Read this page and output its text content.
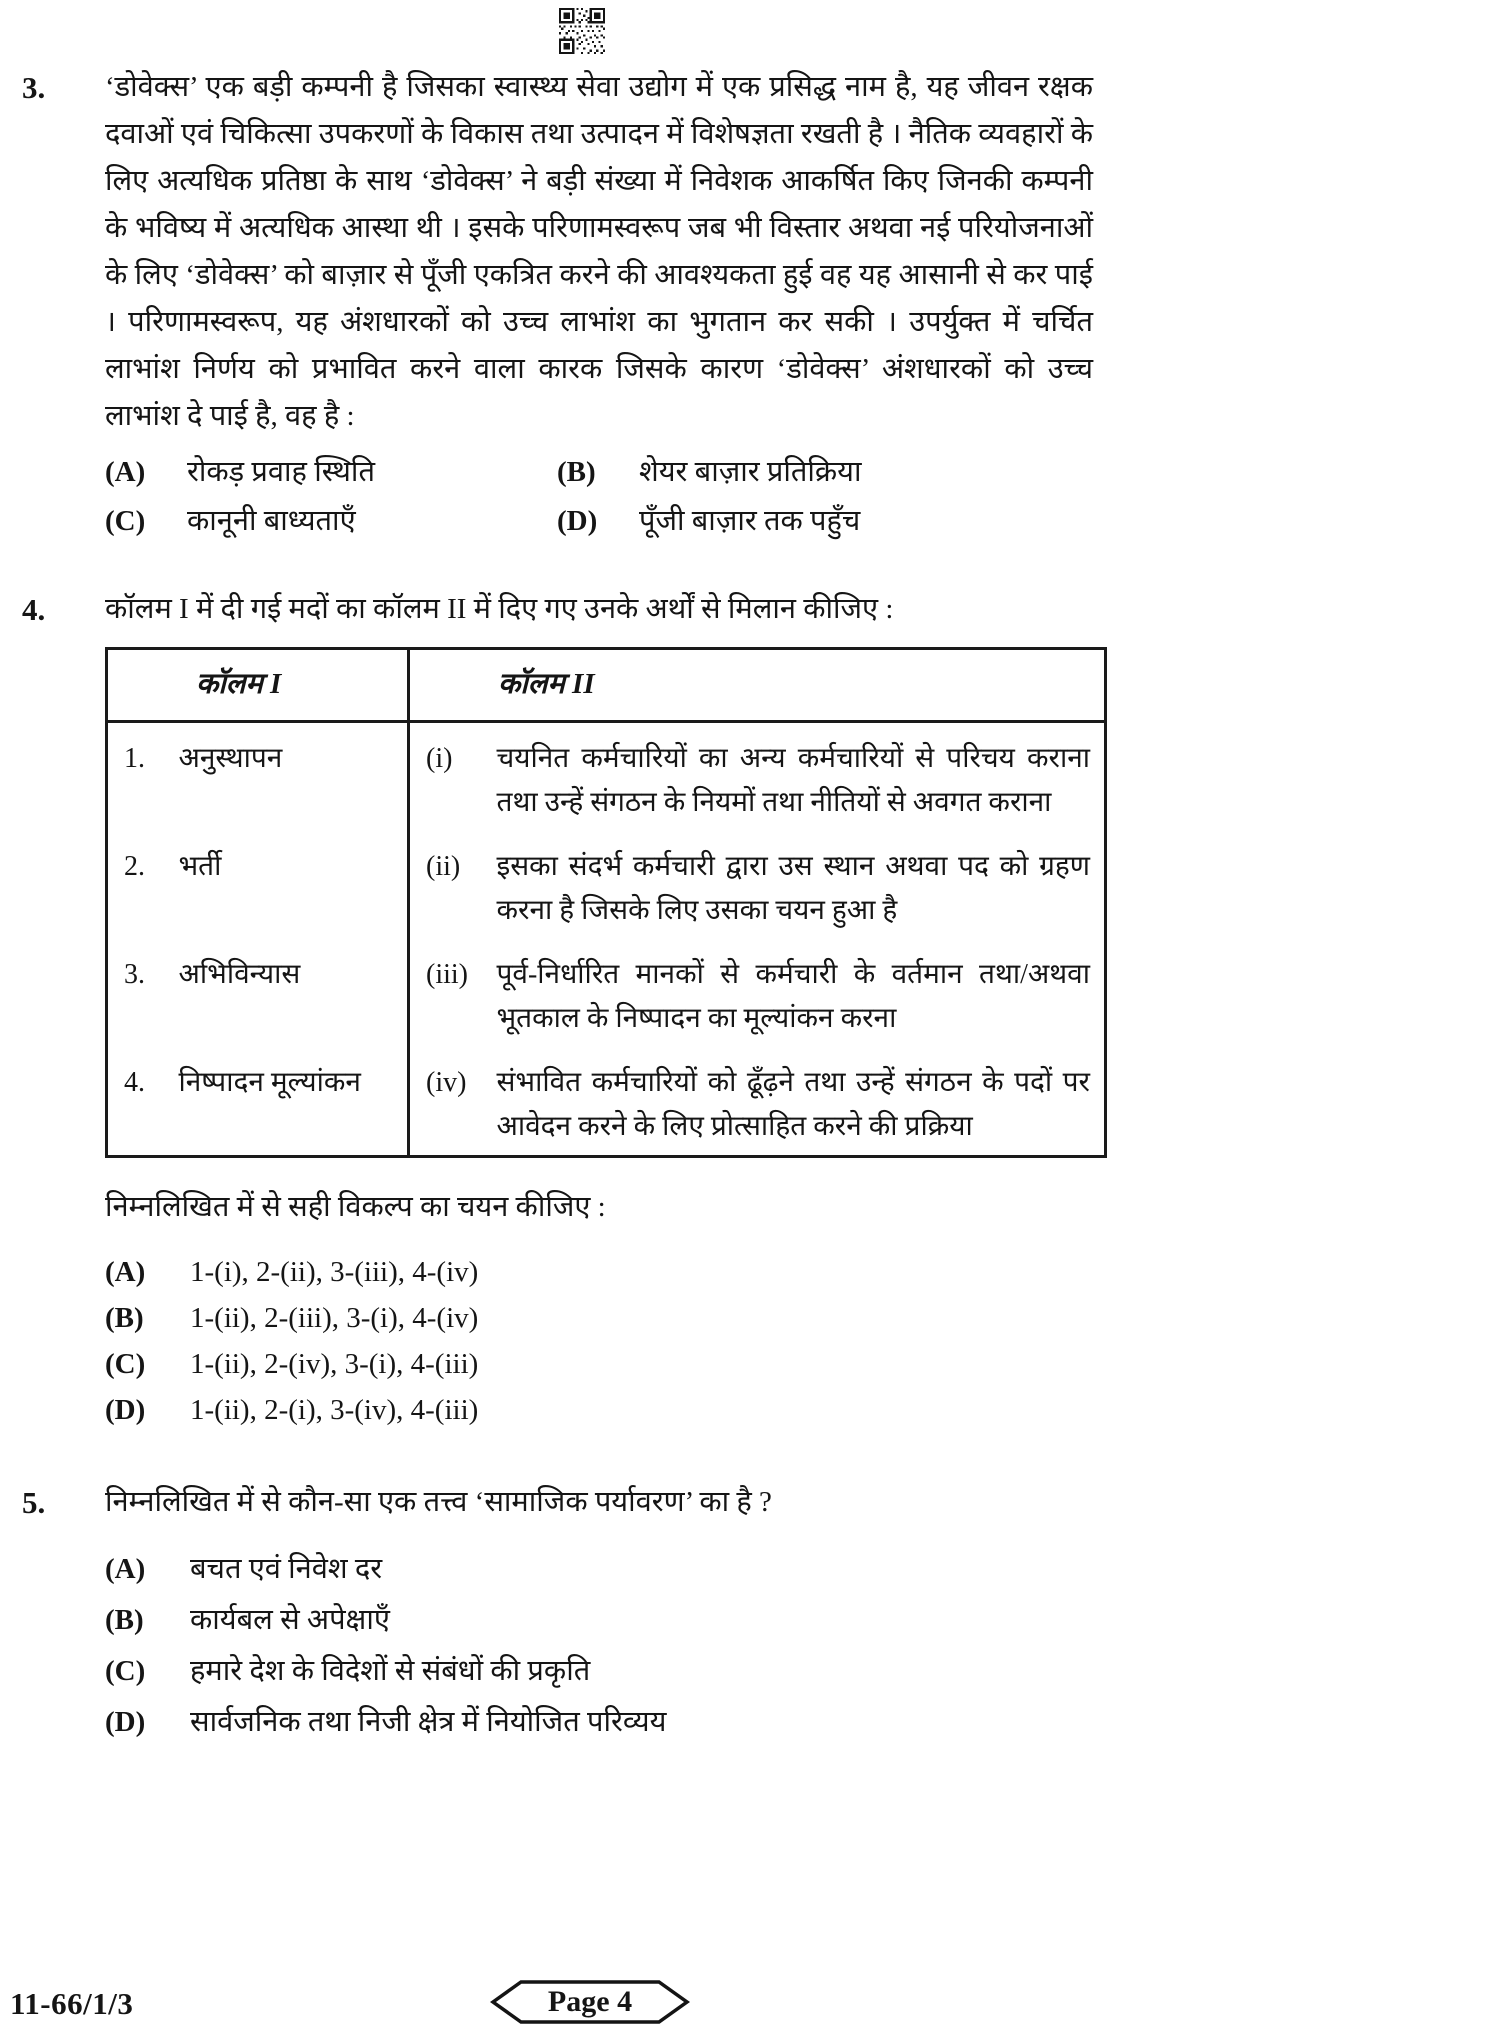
3. ‘डोवेक्स’ एक बड़ी कम्पनी है जिसका स्वास्थ्य सेवा उद्योग में एक प्रसिद्ध नाम है, यह जीवन रक्षक दवाओं एवं चिकित्सा उपकरणों के विकास तथा उत्पादन में विशेषज्ञता रखती है । नैतिक व्यवहारों के लिए अत्यधिक प्रतिष्ठा के साथ ‘डोवेक्स’ ने बड़ी संख्या में निवेशक आकर्षित किए जिनकी कम्पनी के भविष्य में अत्यधिक आस्था थी । इसके परिणामस्वरूप जब भी विस्तार अथवा नई परियोजनाओं के लिए ‘डोवेक्स’ को बाज़ार से पूँजी एकत्रित करने की आवश्यकता हुई वह यह आसानी से कर पाई । परिणामस्वरूप, यह अंशधारकों को उच्च लाभांश का भुगतान कर सकी । उपर्युक्त में चर्चित लाभांश निर्णय को प्रभावित करने वाला कारक जिसके कारण ‘डोवेक्स’ अंशधारकों को उच्च लाभांश दे पाई है, वह है :

(A)	रोकड़ प्रवाह स्थिति	(B)	शेयर बाज़ार प्रतिक्रिया
(C)	कानूनी बाध्यताएँ	(D)	पूँजी बाज़ार तक पहुँच
4. कॉलम I में दी गई मदों का कॉलम II में दिए गए उनके अर्थों से मिलान कीजिए :

कॉलम I		कॉलम II	
1.	अनुस्थापन	(i)	चयनित कर्मचारियों का अन्य कर्मचारियों से परिचय कराना तथा उन्हें संगठन के नियमों तथा नीतियों से अवगत कराना
2.	भर्ती	(ii)	इसका संदर्भ कर्मचारी द्वारा उस स्थान अथवा पद को ग्रहण करना है जिसके लिए उसका चयन हुआ है
3.	अभिविन्यास	(iii)	पूर्व-निर्धारित मानकों से कर्मचारी के वर्तमान तथा/अथवा भूतकाल के निष्पादन का मूल्यांकन करना
4.	निष्पादन मूल्यांकन	(iv)	संभावित कर्मचारियों को ढूँढ़ने तथा उन्हें संगठन के पदों पर आवेदन करने के लिए प्रोत्साहित करने की प्रक्रिया

निम्नलिखित में से सही विकल्प का चयन कीजिए :

(A)	1-(i), 2-(ii), 3-(iii), 4-(iv)
(B)	1-(ii), 2-(iii), 3-(i), 4-(iv)
(C)	1-(ii), 2-(iv), 3-(i), 4-(iii)
(D)	1-(ii), 2-(i), 3-(iv), 4-(iii)
5. निम्नलिखित में से कौन-सा एक तत्त्व ‘सामाजिक पर्यावरण’ का है ?

(A)	बचत एवं निवेश दर
(B)	कार्यबल से अपेक्षाएँ
(C)	हमारे देश के विदेशों से संबंधों की प्रकृति
(D)	सार्वजनिक तथा निजी क्षेत्र में नियोजित परिव्यय
11-66/1/3	Page 4
